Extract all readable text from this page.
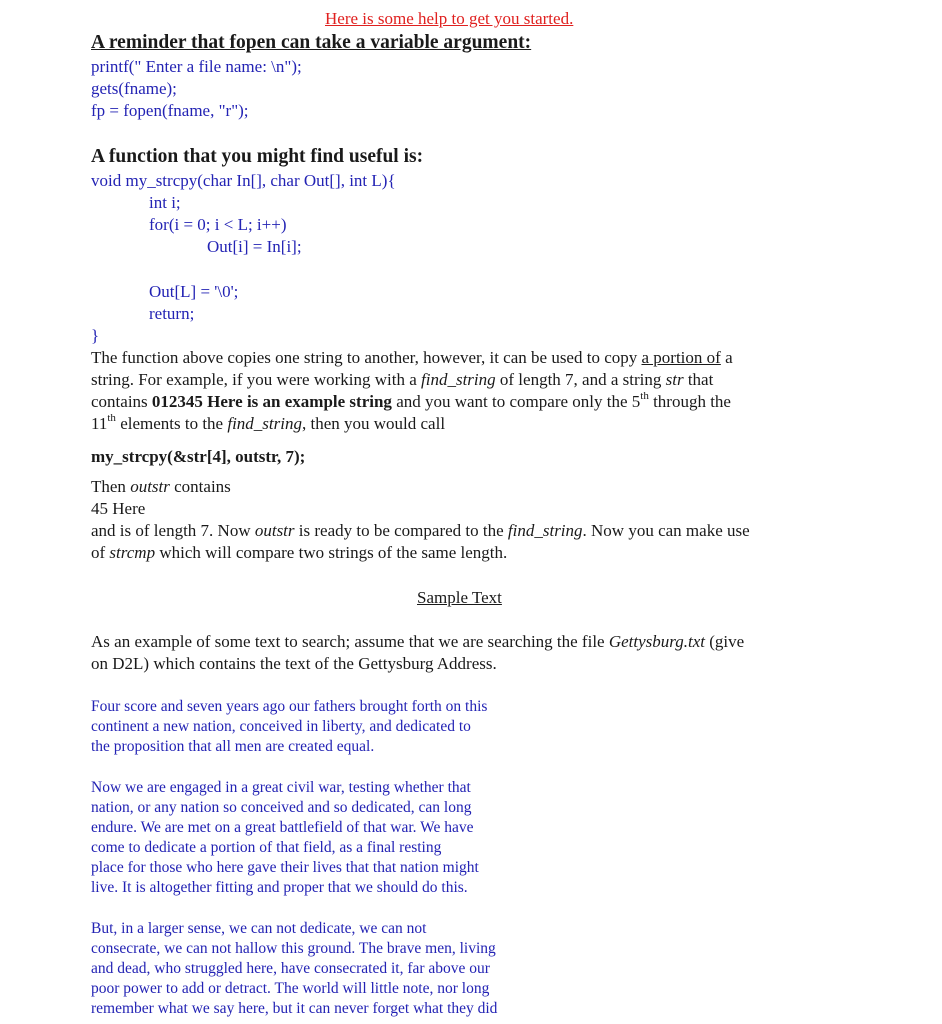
Here is some help to get you started.
A reminder that fopen can take a variable argument:
printf(" Enter a file name: \n");
gets(fname);
fp = fopen(fname, "r");
A function that you might find useful is:
void my_strcpy(char In[], char Out[], int L){
int i;
for(i = 0; i < L; i++)
Out[i] = In[i];
Out[L] = '\0';
return;
}
The function above copies one string to another, however, it can be used to copy a portion of a
string. For example, if you were working with a find_string of length 7, and a string str that
contains 012345 Here is an example string and you want to compare only the 5th through the
11th elements to the find_string, then you would call
my_strcpy(&str[4], outstr, 7);
Then outstr contains
45 Here
and is of length 7. Now outstr is ready to be compared to the find_string. Now you can make use
of strcmp which will compare two strings of the same length.
Sample Text
As an example of some text to search; assume that we are searching the file Gettysburg.txt (give
on D2L) which contains the text of the Gettysburg Address.
Four score and seven years ago our fathers brought forth on this
continent a new nation, conceived in liberty, and dedicated to
the proposition that all men are created equal.
Now we are engaged in a great civil war, testing whether that
nation, or any nation so conceived and so dedicated, can long
endure. We are met on a great battlefield of that war. We have
come to dedicate a portion of that field, as a final resting
place for those who here gave their lives that that nation might
live. It is altogether fitting and proper that we should do this.
But, in a larger sense, we can not dedicate, we can not
consecrate, we can not hallow this ground. The brave men, living
and dead, who struggled here, have consecrated it, far above our
poor power to add or detract. The world will little note, nor long
remember what we say here, but it can never forget what they did
